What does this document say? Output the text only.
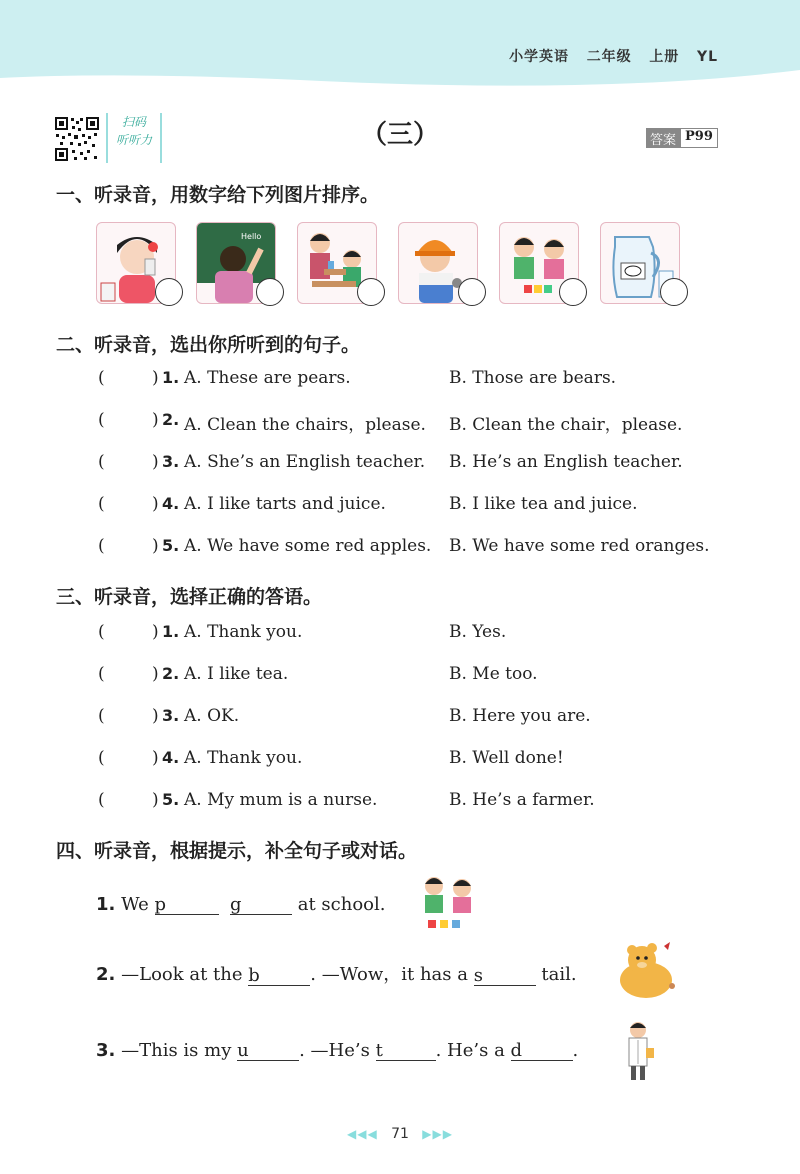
小学英语 二年级 上册 YL
扫码
听听力	（三）	答案 P99
一、听录音，用数字给下列图片排序。
Hello
二、听录音，选出你所听到的句子。
(	) 1. A. These are pears.	B. Those are bears.
(	) 2. A. Clean the chairs，please. B. Clean the chair，please.
(	) 3. A. She’s an English teacher. B. He’s an English teacher.
(	) 4. A. I like tarts and juice.	B. I like tea and juice.
(	) 5. A. We have some red apples. B. We have some red oranges.
三、听录音，选择正确的答语。
(	) 1. A. Thank you.	B. Yes.
(	) 2. A. I like tea.	B. Me too.
(	) 3. A. OK.	B. Here you are.
(	) 4. A. Thank you.	B. Well done!
(	) 5. A. My mum is a nurse.	B. He’s a farmer.
四、听录音，根据提示，补全句子或对话。
1. We p	g	at school.
2. —Look at the b	. —Wow，it has a s	tail.
3. —This is my u	. —He’s t	. He’s a d	.
◀◀◀ 71 ▶▶▶
